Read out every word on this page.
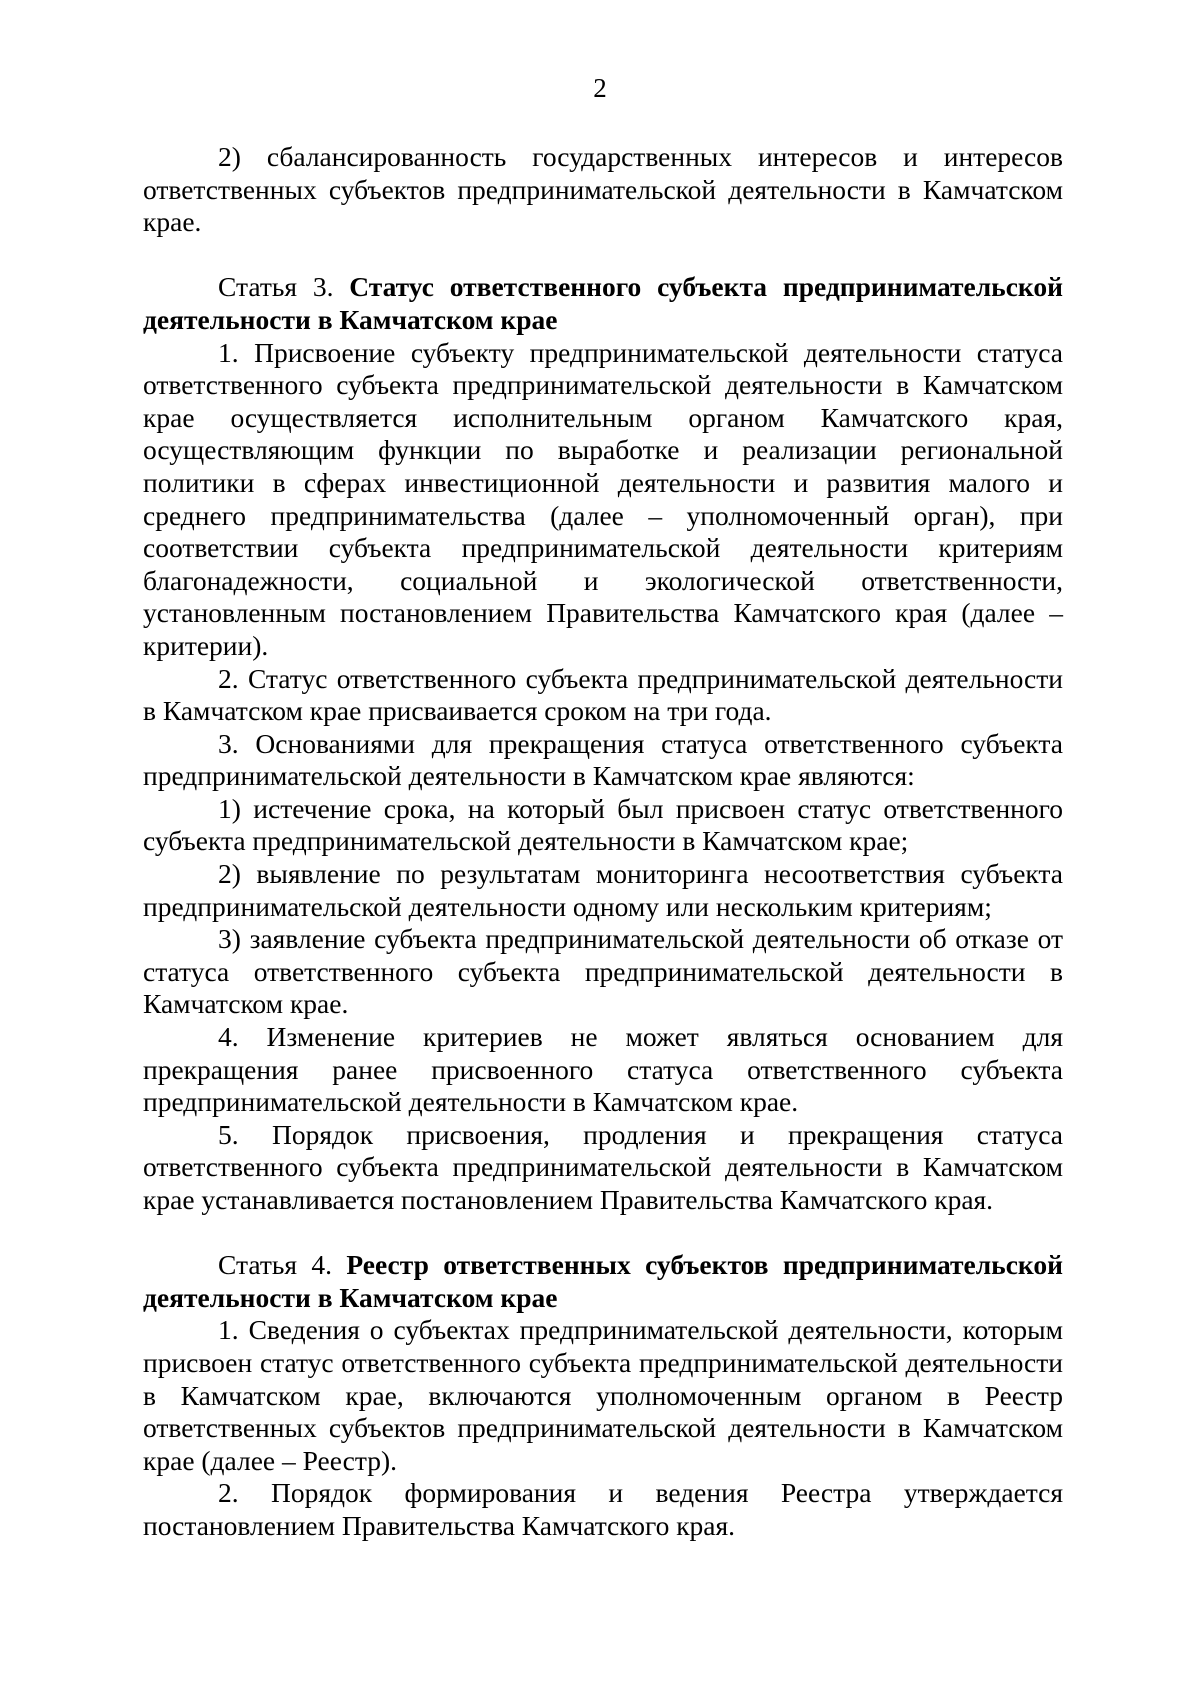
2

2) сбалансированность государственных интересов и интересов ответственных субъектов предпринимательской деятельности в Камчатском крае.

Статья 3. Статус ответственного субъекта предпринимательской деятельности в Камчатском крае

1. Присвоение субъекту предпринимательской деятельности статуса ответственного субъекта предпринимательской деятельности в Камчатском крае осуществляется исполнительным органом Камчатского края, осуществляющим функции по выработке и реализации региональной политики в сферах инвестиционной деятельности и развития малого и среднего предпринимательства (далее – уполномоченный орган), при соответствии субъекта предпринимательской деятельности критериям благонадежности, социальной и экологической ответственности, установленным постановлением Правительства Камчатского края (далее – критерии).

2. Статус ответственного субъекта предпринимательской деятельности в Камчатском крае присваивается сроком на три года.

3. Основаниями для прекращения статуса ответственного субъекта предпринимательской деятельности в Камчатском крае являются:

1) истечение срока, на который был присвоен статус ответственного субъекта предпринимательской деятельности в Камчатском крае;

2) выявление по результатам мониторинга несоответствия субъекта предпринимательской деятельности одному или нескольким критериям;

3) заявление субъекта предпринимательской деятельности об отказе от статуса ответственного субъекта предпринимательской деятельности в Камчатском крае.

4. Изменение критериев не может являться основанием для прекращения ранее присвоенного статуса ответственного субъекта предпринимательской деятельности в Камчатском крае.

5. Порядок присвоения, продления и прекращения статуса ответственного субъекта предпринимательской деятельности в Камчатском крае устанавливается постановлением Правительства Камчатского края.

Статья 4. Реестр ответственных субъектов предпринимательской деятельности в Камчатском крае

1. Сведения о субъектах предпринимательской деятельности, которым присвоен статус ответственного субъекта предпринимательской деятельности в Камчатском крае, включаются уполномоченным органом в Реестр ответственных субъектов предпринимательской деятельности в Камчатском крае (далее – Реестр).

2. Порядок формирования и ведения Реестра утверждается постановлением Правительства Камчатского края.
